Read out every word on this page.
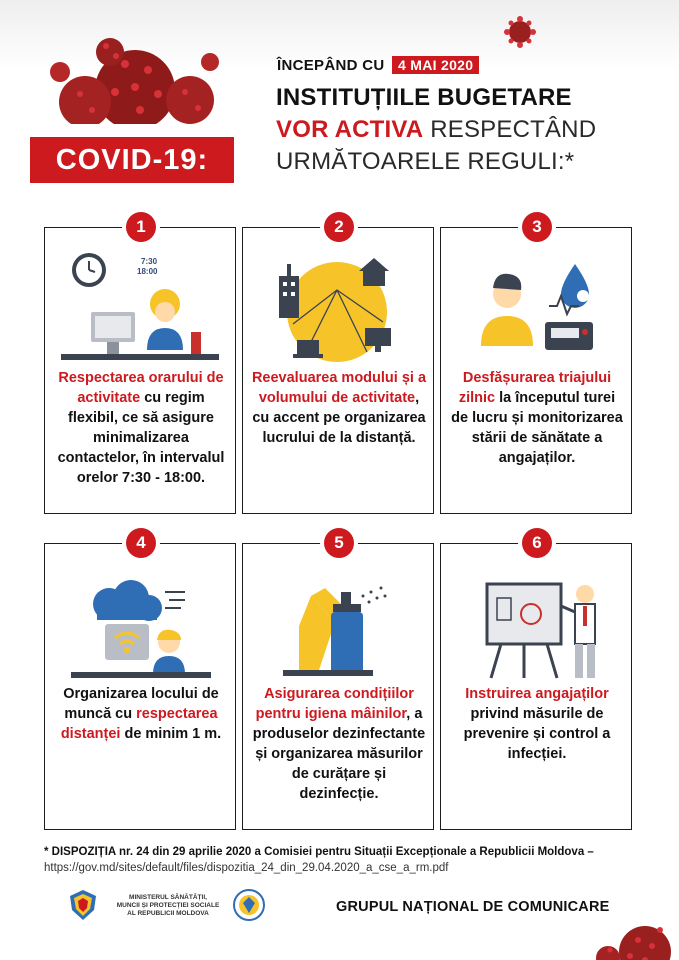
COVID-19:
ÎNCEPÂND CU 4 MAI 2020
INSTITUȚIILE BUGETARE
VOR ACTIVA RESPECTÂND
URMĂTOARELE REGULI:*
7:30
18:00
Respectarea orarului de activitate cu regim flexibil, ce să asigure minimalizarea contactelor, în intervalul orelor 7:30 - 18:00.
1
Reevaluarea modului și a volumului de activitate, cu accent pe organizarea lucrului de la distanță.
2
Desfășurarea triajului zilnic la începutul turei de lucru și monitorizarea stării de sănătate a angajaților.
3
Organizarea locului de muncă cu respectarea distanței de minim 1 m.
4
Asigurarea condițiilor pentru igiena mâinilor, a produselor dezinfectante și organizarea măsurilor de curățare și dezinfecție.
5
Instruirea angajaților privind măsurile de prevenire și control a infecției.
6
* DISPOZIȚIA nr. 24 din 29 aprilie 2020 a Comisiei pentru Situații Excepționale a Republicii Moldova –
https://gov.md/sites/default/files/dispozitia_24_din_29.04.2020_a_cse_a_rm.pdf
MINISTERUL SĂNĂTĂȚII,
MUNCII ȘI PROTECȚIEI SOCIALE
AL REPUBLICII MOLDOVA	GRUPUL NAȚIONAL DE COMUNICARE
